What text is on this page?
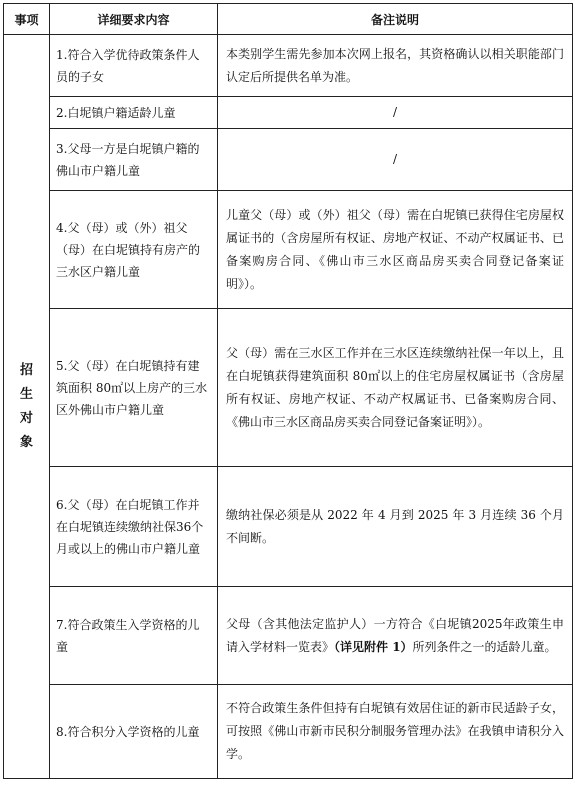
事项	详细要求内容	备注说明

招生对象	1.符合入学优待政策条件人员的子女	本类别学生需先参加本次网上报名，其资格确认以相关职能部门认定后所提供名单为准。
	2.白坭镇户籍适龄儿童	/
	3.父母一方是白坭镇户籍的佛山市户籍儿童	/
	4.父（母）或（外）祖父（母）在白坭镇持有房产的三水区户籍儿童	儿童父（母）或（外）祖父（母）需在白坭镇已获得住宅房屋权属证书的（含房屋所有权证、房地产权证、不动产权属证书、已备案购房合同、《佛山市三水区商品房买卖合同登记备案证明》）。
	5.父（母）在白坭镇持有建筑面积 80㎡以上房产的三水区外佛山市户籍儿童	父（母）需在三水区工作并在三水区连续缴纳社保一年以上，且在白坭镇获得建筑面积 80㎡以上的住宅房屋权属证书（含房屋所有权证、房地产权证、不动产权属证书、已备案购房合同、《佛山市三水区商品房买卖合同登记备案证明》）。
	6.父（母）在白坭镇工作并在白坭镇连续缴纳社保36个月或以上的佛山市户籍儿童	缴纳社保必须是从 2022 年 4 月到 2025 年 3 月连续 36 个月不间断。
	7.符合政策生入学资格的儿童	父母（含其他法定监护人）一方符合《白坭镇2025年政策生申请入学材料一览表》（详见附件 1）所列条件之一的适龄儿童。
	8.符合积分入学资格的儿童	不符合政策生条件但持有白坭镇有效居住证的新市民适龄子女，可按照《佛山市新市民积分制服务管理办法》在我镇申请积分入学。
